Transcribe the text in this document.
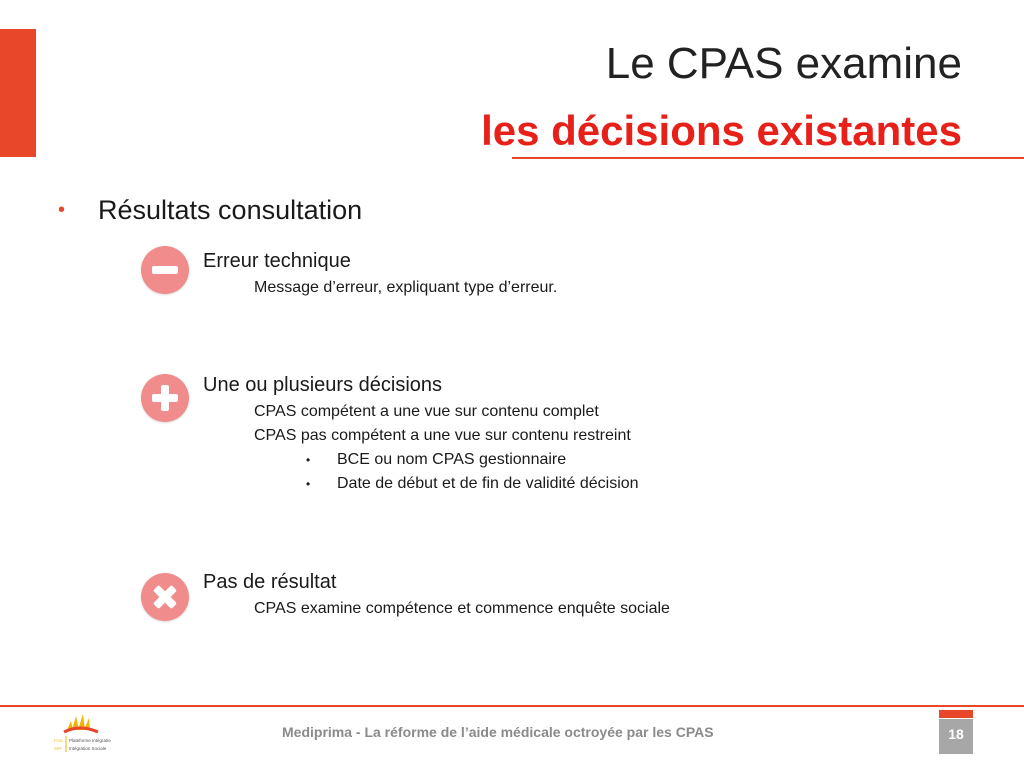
Le CPAS examine
les décisions existantes
• Résultats consultation
Erreur technique
Message d’erreur, expliquant type d’erreur.
Une ou plusieurs décisions
CPAS compétent a une vue sur contenu complet
CPAS pas compétent a une vue sur contenu restreint
• BCE ou nom CPAS gestionnaire
• Date de début et de fin de validité décision
Pas de résultat
CPAS examine compétence et commence enquête sociale
POD
SPP
Plateforme Intégratie
Intégration Sociale
Mediprima - La réforme de l’aide médicale octroyée par les CPAS	18
